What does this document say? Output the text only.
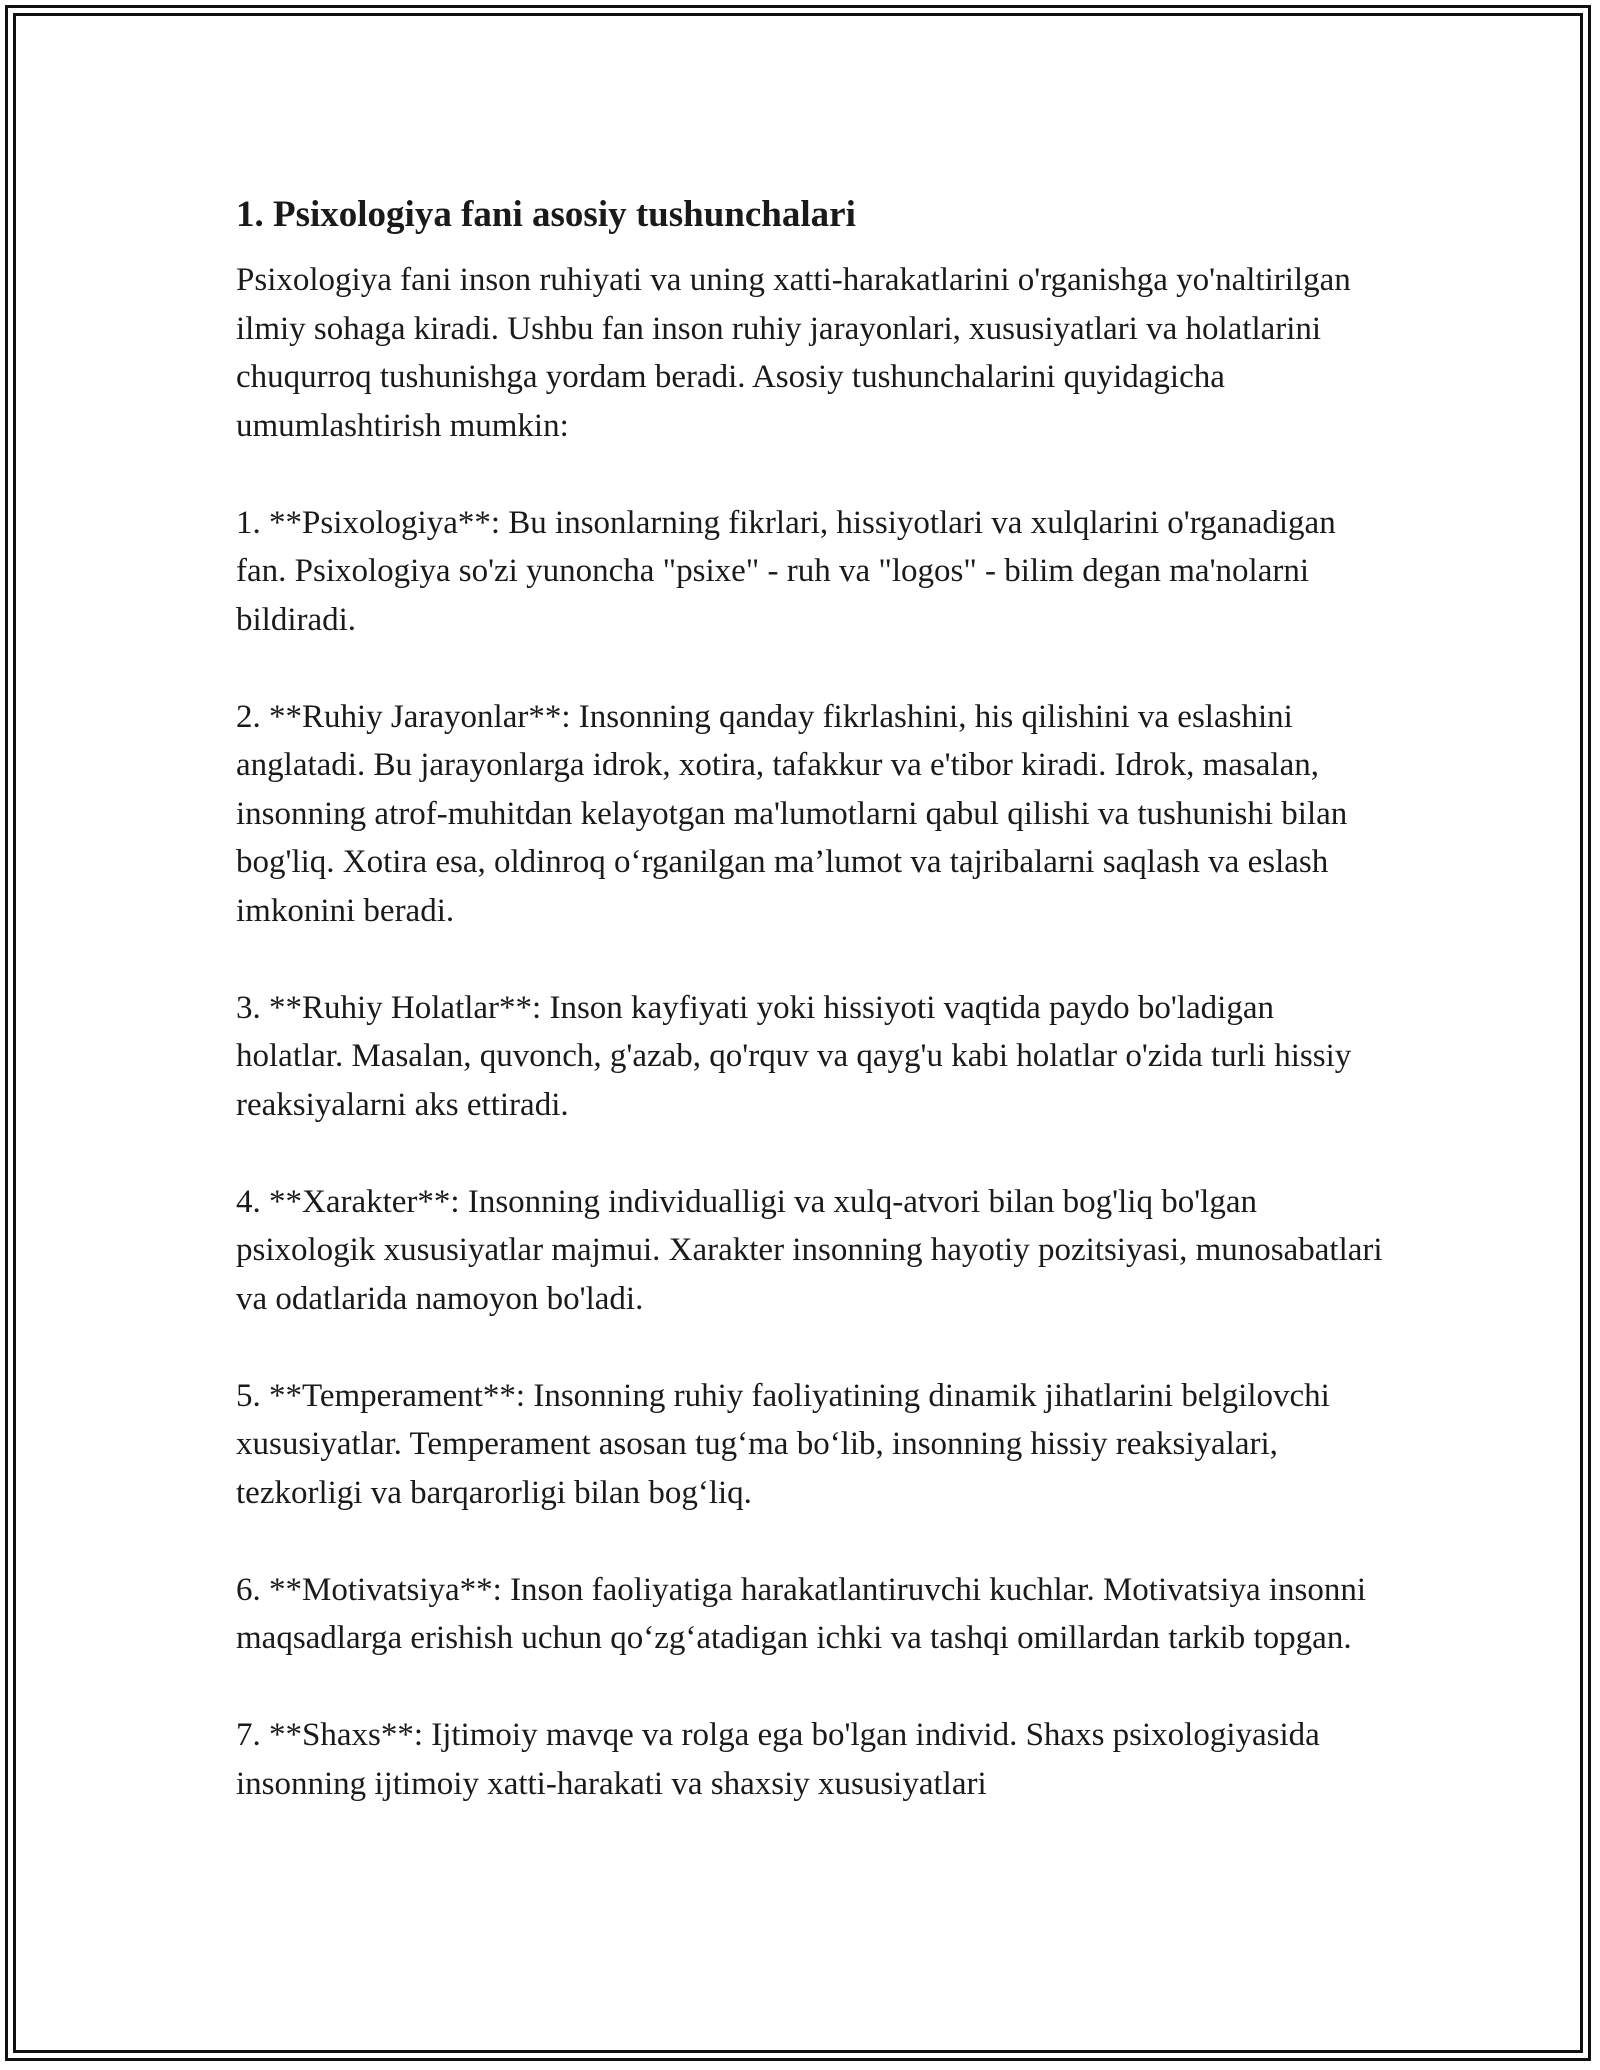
1. Psixologiya fani asosiy tushunchalari

Psixologiya fani inson ruhiyati va uning xatti-harakatlarini o'rganishga yo'naltirilgan ilmiy sohaga kiradi. Ushbu fan inson ruhiy jarayonlari, xususiyatlari va holatlarini chuqurroq tushunishga yordam beradi. Asosiy tushunchalarini quyidagicha umumlashtirish mumkin:

1. **Psixologiya**: Bu insonlarning fikrlari, hissiyotlari va xulqlarini o'rganadigan fan. Psixologiya so'zi yunoncha "psixe" - ruh va "logos" - bilim degan ma'nolarni bildiradi.

2. **Ruhiy Jarayonlar**: Insonning qanday fikrlashini, his qilishini va eslashini anglatadi. Bu jarayonlarga idrok, xotira, tafakkur va e'tibor kiradi. Idrok, masalan, insonning atrof-muhitdan kelayotgan ma'lumotlarni qabul qilishi va tushunishi bilan bog'liq. Xotira esa, oldinroq o‘rganilgan ma’lumot va tajribalarni saqlash va eslash imkonini beradi.

3. **Ruhiy Holatlar**: Inson kayfiyati yoki hissiyoti vaqtida paydo bo'ladigan holatlar. Masalan, quvonch, g'azab, qo'rquv va qayg'u kabi holatlar o'zida turli hissiy reaksiyalarni aks ettiradi.

4. **Xarakter**: Insonning individualligi va xulq-atvori bilan bog'liq bo'lgan psixologik xususiyatlar majmui. Xarakter insonning hayotiy pozitsiyasi, munosabatlari va odatlarida namoyon bo'ladi.

5. **Temperament**: Insonning ruhiy faoliyatining dinamik jihatlarini belgilovchi xususiyatlar. Temperament asosan tug‘ma bo‘lib, insonning hissiy reaksiyalari, tezkorligi va barqarorligi bilan bog‘liq.

6. **Motivatsiya**: Inson faoliyatiga harakatlantiruvchi kuchlar. Motivatsiya insonni maqsadlarga erishish uchun qo‘zg‘atadigan ichki va tashqi omillardan tarkib topgan.

7. **Shaxs**: Ijtimoiy mavqe va rolga ega bo'lgan individ. Shaxs psixologiyasida insonning ijtimoiy xatti-harakati va shaxsiy xususiyatlari
